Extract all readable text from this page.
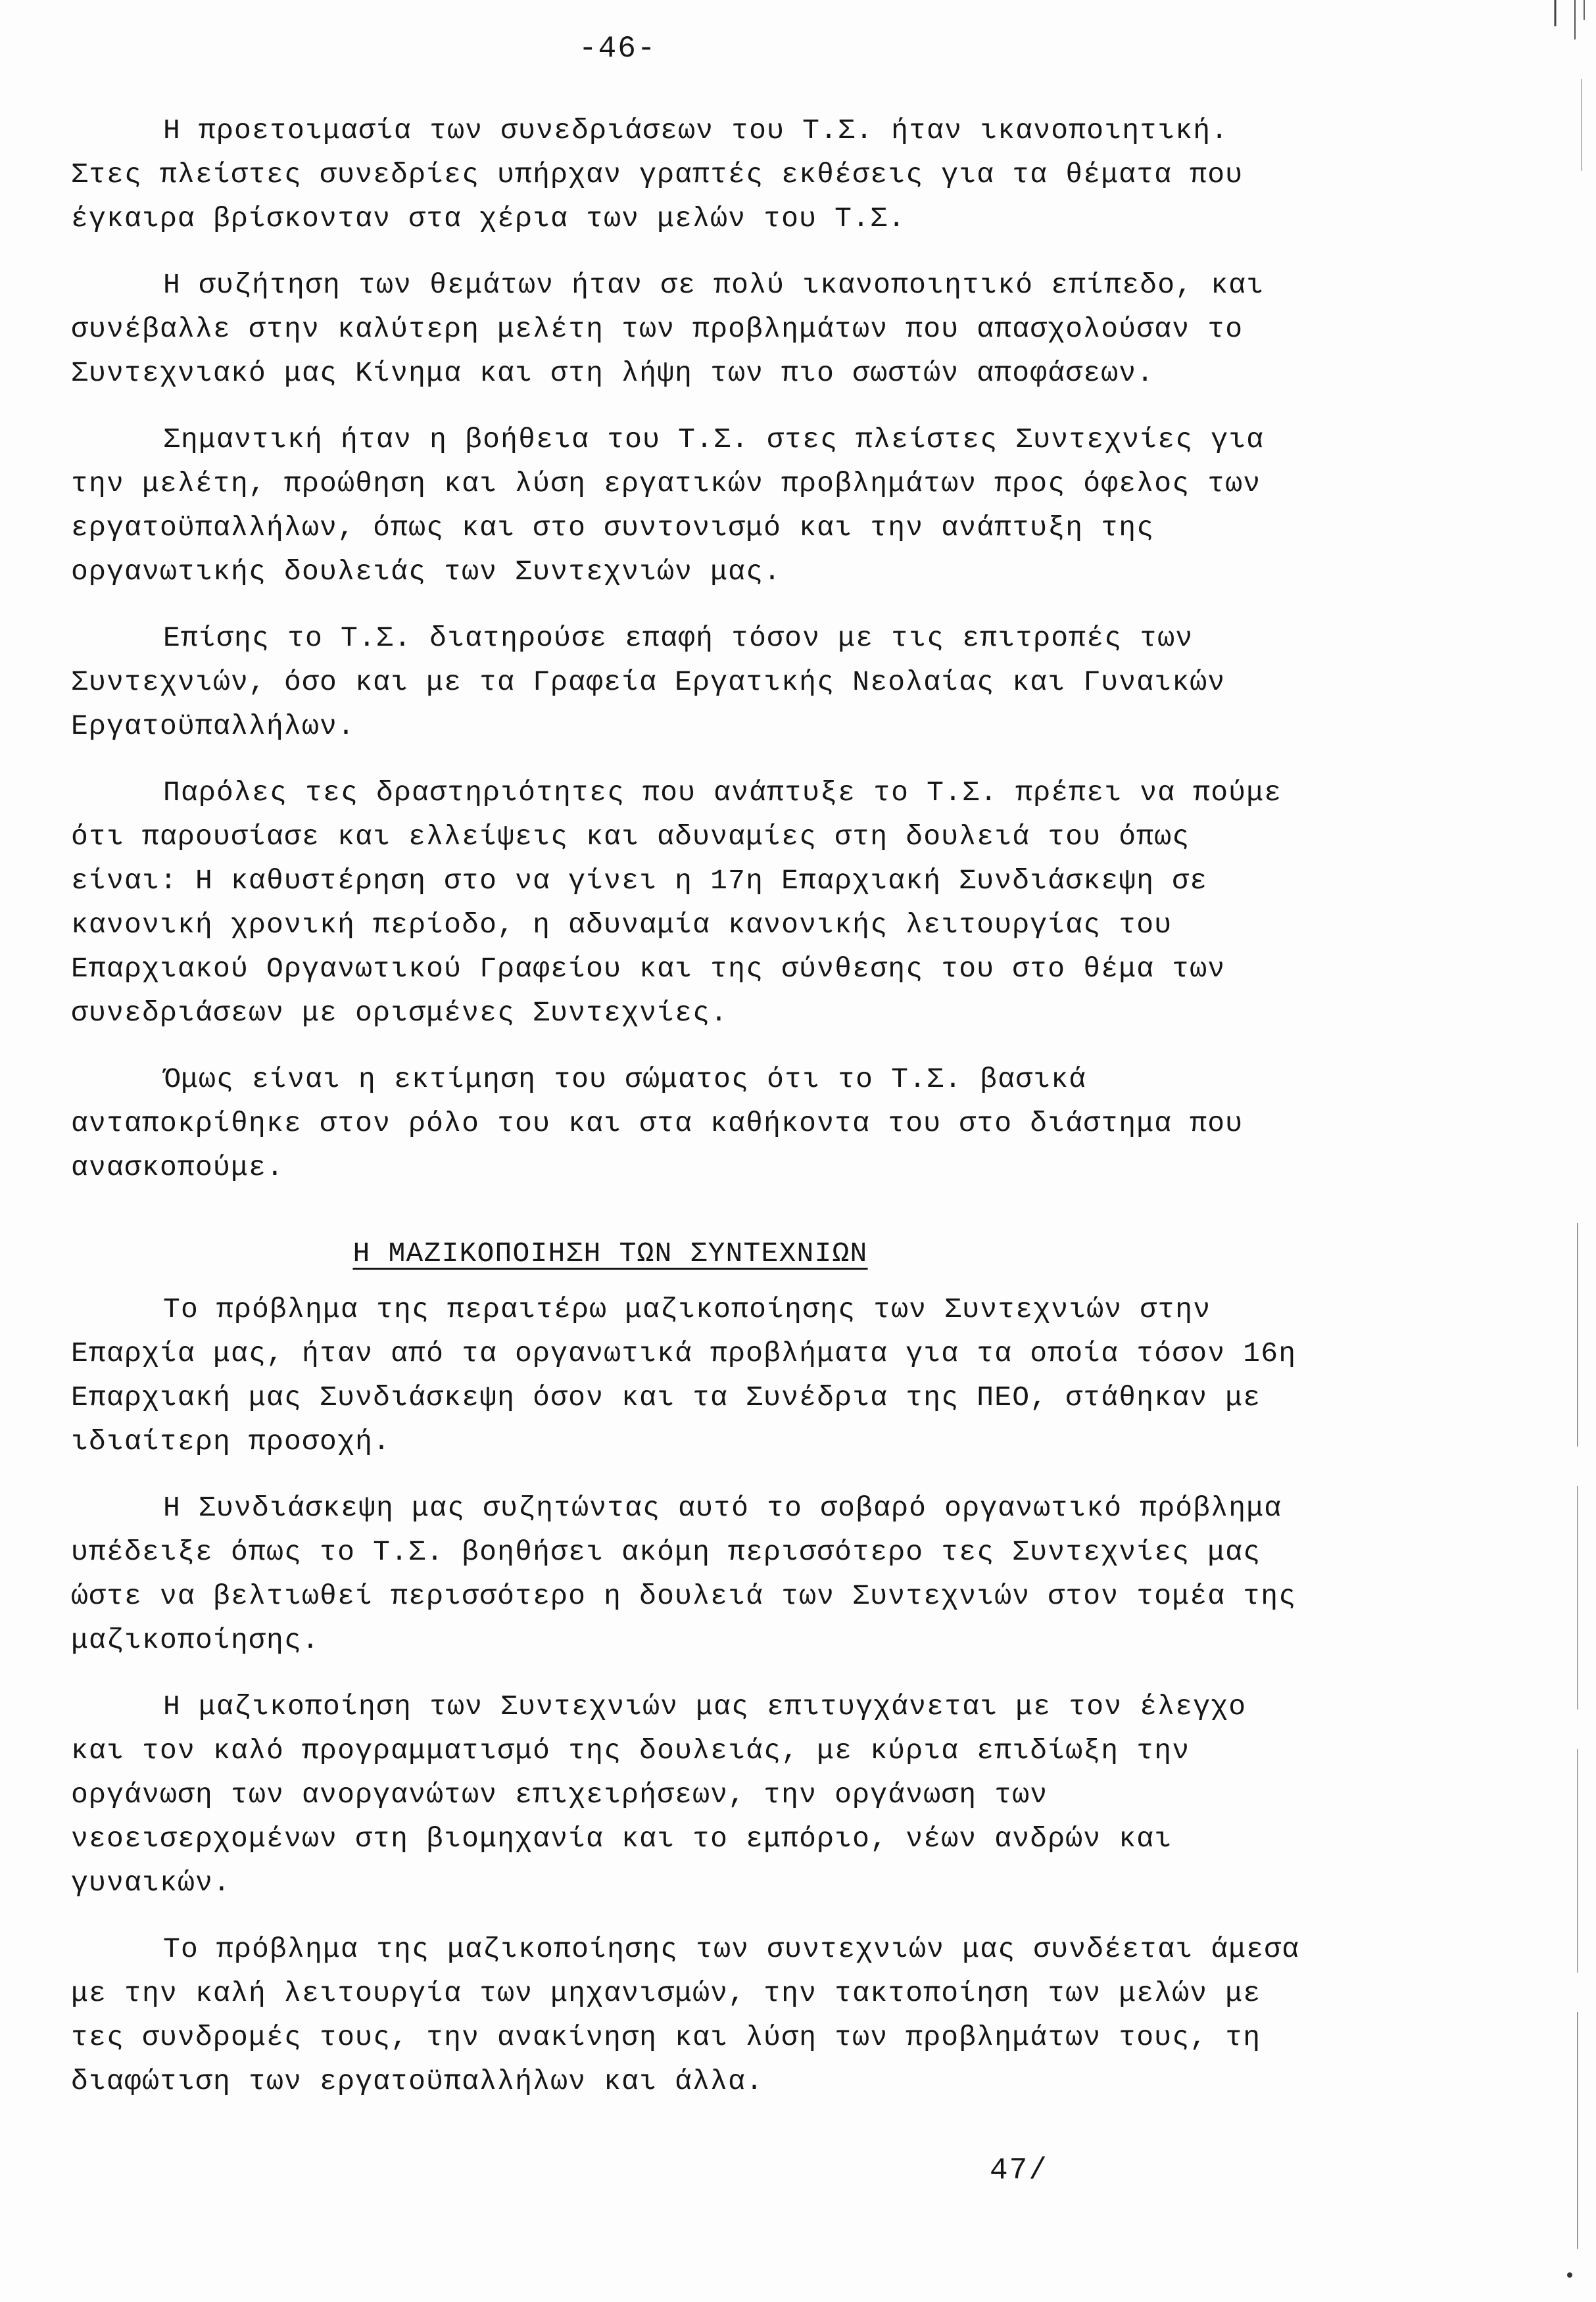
-46-

Η προετοιμασία των συνεδριάσεων του Τ.Σ. ήταν ικανοποιητική. Στες πλείστες συνεδρίες υπήρχαν γραπτές εκθέσεις για τα θέματα που έγκαιρα βρίσκονταν στα χέρια των μελών του Τ.Σ.

Η συζήτηση των θεμάτων ήταν σε πολύ ικανοποιητικό επίπεδο, και συνέβαλλε στην καλύτερη μελέτη των προβλημάτων που απασχολούσαν το Συντεχνιακό μας Κίνημα και στη λήψη των πιο σωστών αποφάσεων.

Σημαντική ήταν η βοήθεια του Τ.Σ. στες πλείστες Συντεχνίες για την μελέτη, προώθηση και λύση εργατικών προβλημάτων προς όφελος των εργατοϋπαλλήλων, όπως και στο συντονισμό και την ανάπτυξη της οργανωτικής δουλειάς των Συντεχνιών μας.

Επίσης το Τ.Σ. διατηρούσε επαφή τόσον με τις επιτροπές των Συντεχνιών, όσο και με τα Γραφεία Εργατικής Νεολαίας και Γυναικών Εργατοϋπαλλήλων.

Παρόλες τες δραστηριότητες που ανάπτυξε το Τ.Σ. πρέπει να πούμε ότι παρουσίασε και ελλείψεις και αδυναμίες στη δουλειά του όπως είναι: Η καθυστέρηση στο να γίνει η 17η Επαρχιακή Συνδιάσκεψη σε κανονική χρονική περίοδο, η αδυναμία κανονικής λειτουργίας του Επαρχιακού Οργανωτικού Γραφείου και της σύνθεσης του στο θέμα των συνεδριάσεων με ορισμένες Συντεχνίες.

Όμως είναι η εκτίμηση του σώματος ότι το Τ.Σ. βασικά ανταποκρίθηκε στον ρόλο του και στα καθήκοντα του στο διάστημα που ανασκοπούμε.

Η ΜΑΖΙΚΟΠΟΙΗΣΗ ΤΩΝ ΣΥΝΤΕΧΝΙΩΝ

Το πρόβλημα της περαιτέρω μαζικοποίησης των Συντεχνιών στην Επαρχία μας, ήταν από τα οργανωτικά προβλήματα για τα οποία τόσον 16η Επαρχιακή μας Συνδιάσκεψη όσον και τα Συνέδρια της ΠΕΟ, στάθηκαν με ιδιαίτερη προσοχή.

Η Συνδιάσκεψη μας συζητώντας αυτό το σοβαρό οργανωτικό πρόβλημα υπέδειξε όπως το Τ.Σ. βοηθήσει ακόμη περισσότερο τες Συντεχνίες μας ώστε να βελτιωθεί περισσότερο η δουλειά των Συντεχνιών στον τομέα της μαζικοποίησης.

Η μαζικοποίηση των Συντεχνιών μας επιτυγχάνεται με τον έλεγχο και τον καλό προγραμματισμό της δουλειάς, με κύρια επιδίωξη την οργάνωση των ανοργανώτων επιχειρήσεων, την οργάνωση των νεοεισερχομένων στη βιομηχανία και το εμπόριο, νέων ανδρών και γυναικών.

Το πρόβλημα της μαζικοποίησης των συντεχνιών μας συνδέεται άμεσα με την καλή λειτουργία των μηχανισμών, την τακτοποίηση των μελών με τες συνδρομές τους, την ανακίνηση και λύση των προβλημάτων τους, τη διαφώτιση των εργατοϋπαλλήλων και άλλα.

47/
